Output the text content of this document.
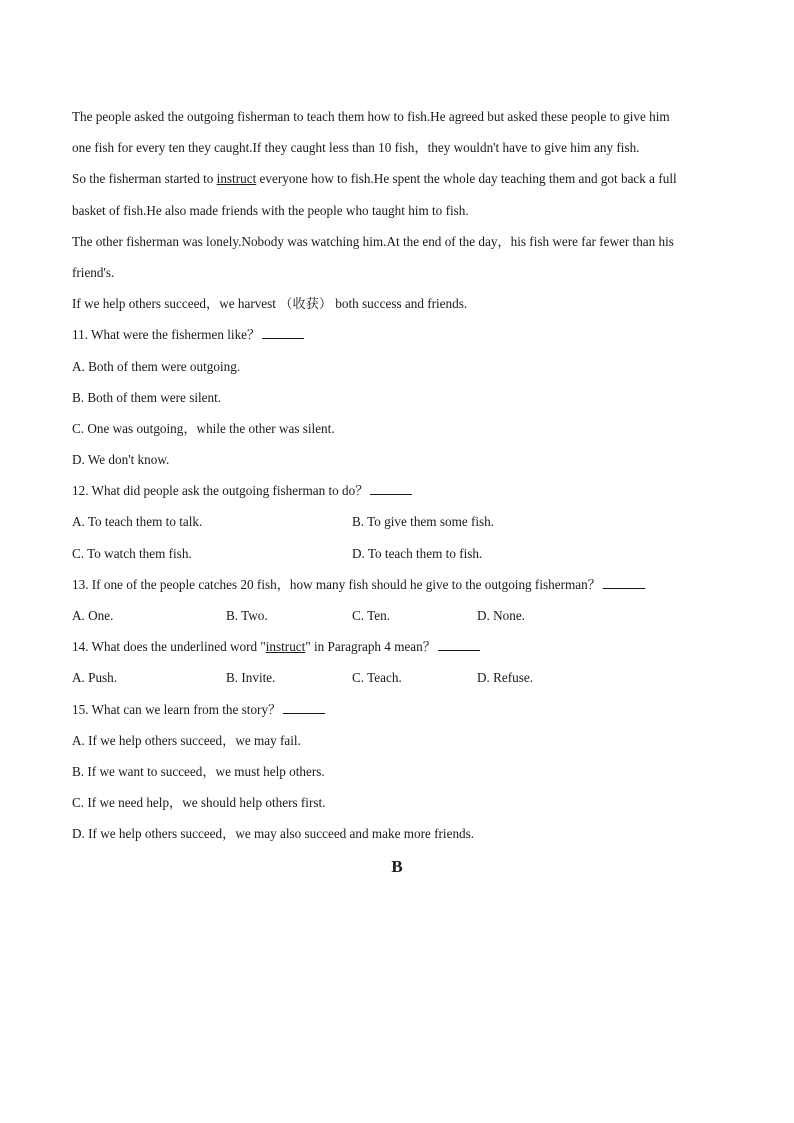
The people asked the outgoing fisherman to teach them how to fish.He agreed but asked these people to give him
one fish for every ten they caught.If they caught less than 10 fish，they wouldn't have to give him any fish.
So the fisherman started to instruct everyone how to fish.He spent the whole day teaching them and got back a full
basket of fish.He also made friends with the people who taught him to fish.
The other fisherman was lonely.Nobody was watching him.At the end of the day，his fish were far fewer than his
friend's.
If we help others succeed，we harvest （收获） both success and friends.
11. What were the fishermen like？
A. Both of them were outgoing.
B. Both of them were silent.
C. One was outgoing，while the other was silent.
D. We don't know.
12. What did people ask the outgoing fisherman to do？
A. To teach them to talk.	B. To give them some fish.
C. To watch them fish.	D. To teach them to fish.
13. If one of the people catches 20 fish，how many fish should he give to the outgoing fisherman？
A. One.	B. Two.	C. Ten.	D. None.
14. What does the underlined word "instruct" in Paragraph 4 mean？
A. Push.	B. Invite.	C. Teach.	D. Refuse.
15. What can we learn from the story？
A. If we help others succeed，we may fail.
B. If we want to succeed，we must help others.
C. If we need help，we should help others first.
D. If we help others succeed，we may also succeed and make more friends.
B
